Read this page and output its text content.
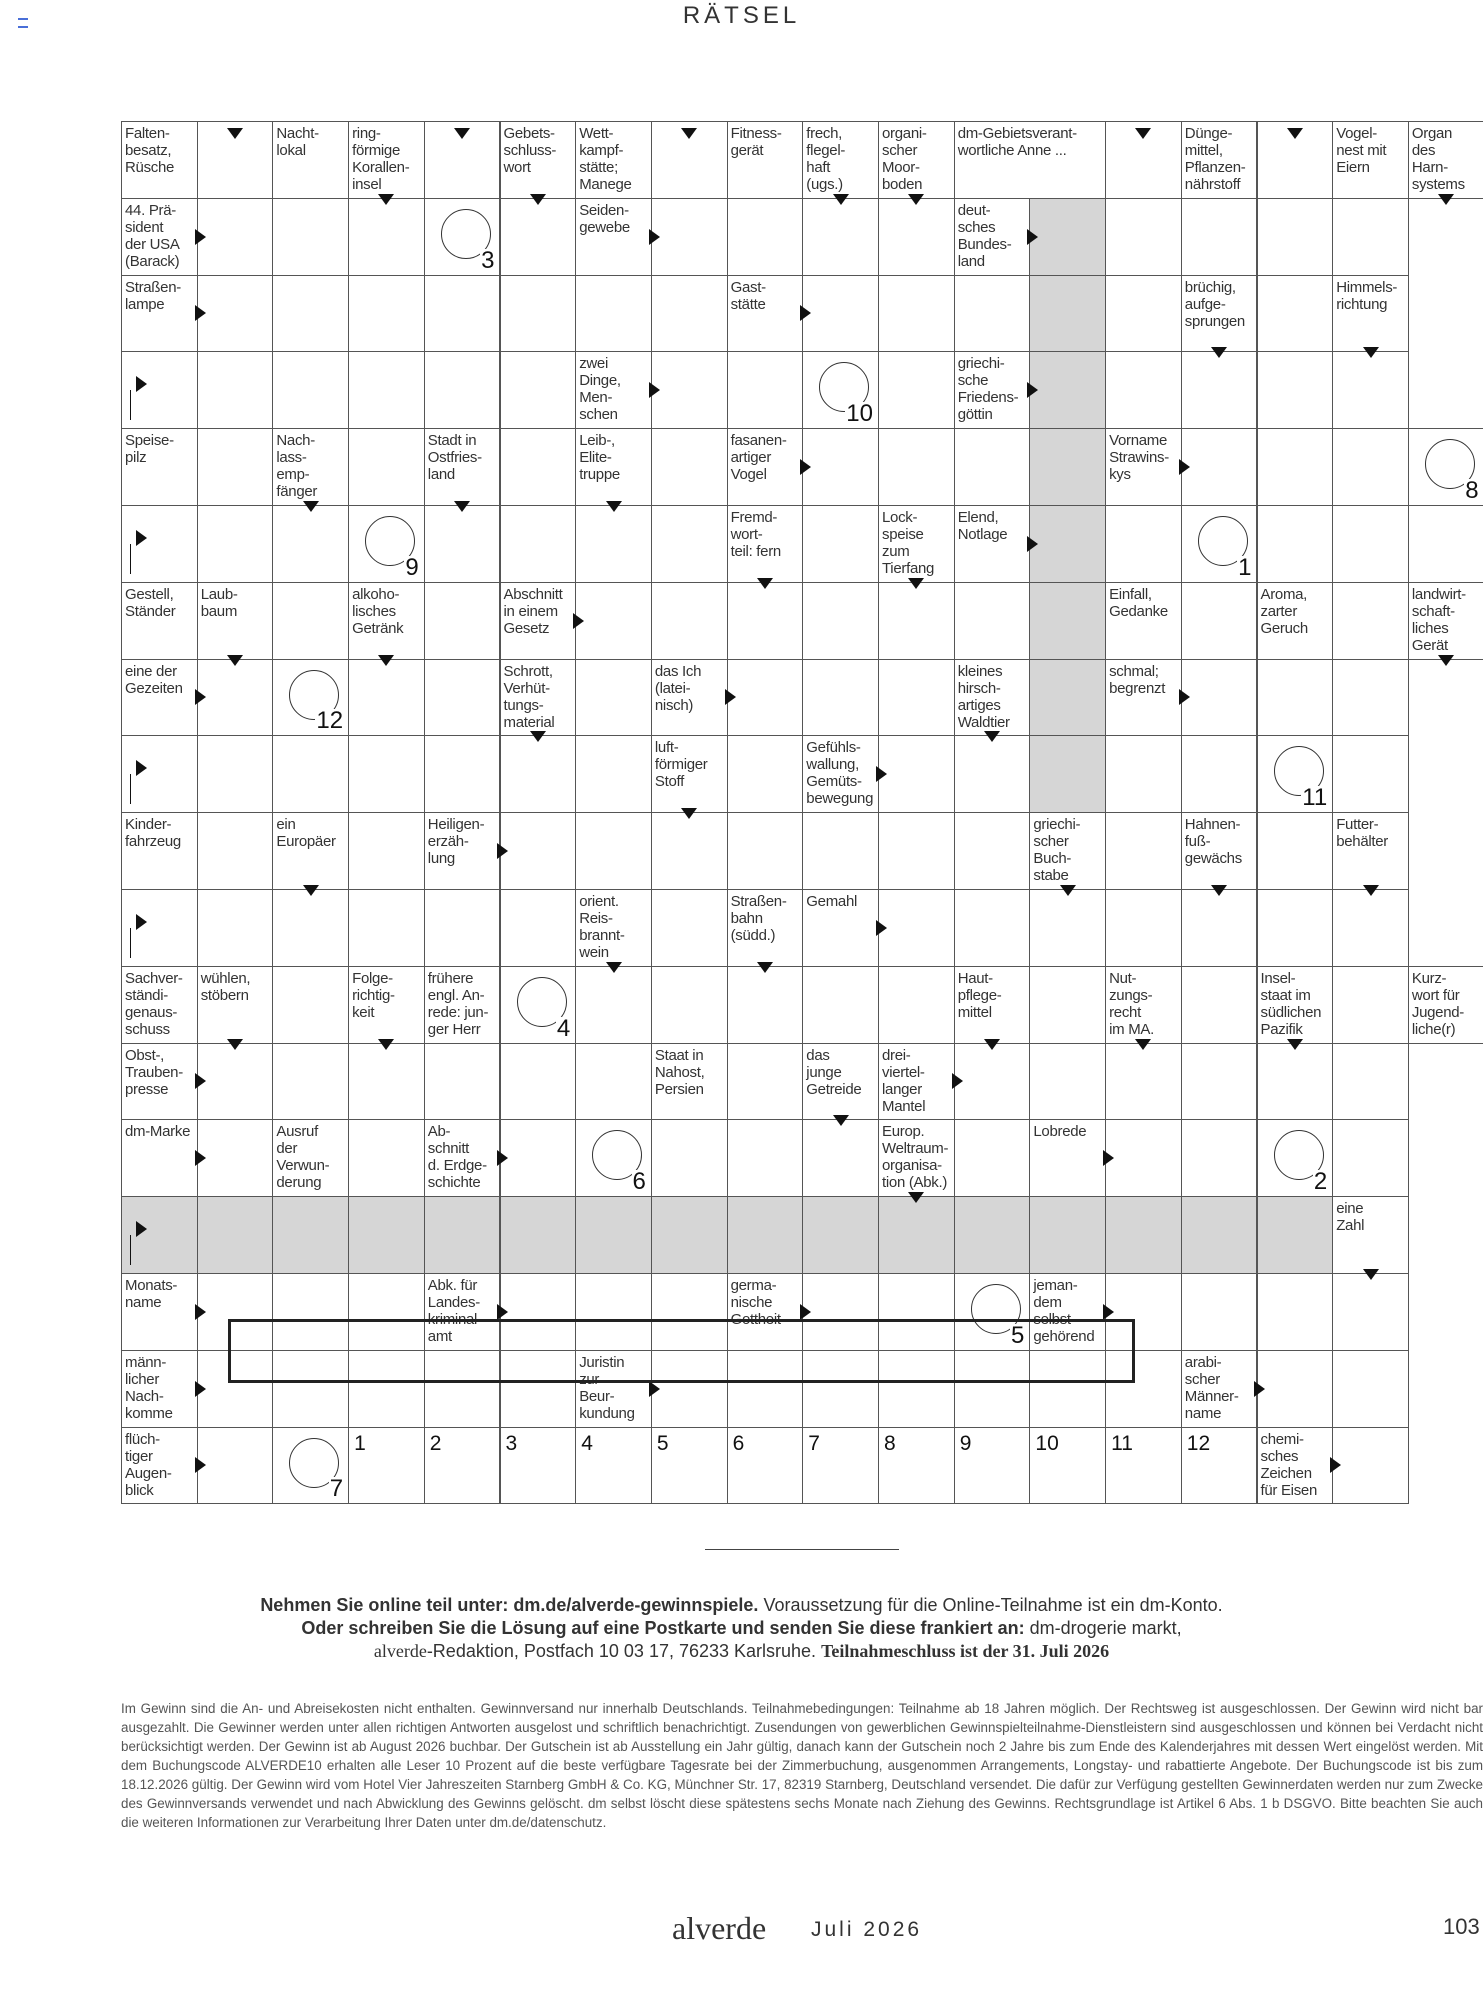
RÄTSEL
Falten-
besatz,
Rüsche
Nacht-
lokal
ring-
förmige
Korallen-
insel
Gebets-
schluss-
wort
Wett-
kampf-
stätte;
Manege
Fitness-
gerät
frech,
flegel-
haft
(ugs.)
organi-
scher
Moor-
boden
dm-Gebietsverant-
wortliche Anne ...
Dünge-
mittel,
Pflanzen-
nährstoff
Vogel-
nest mit
Eiern
Organ
des
Harn-
systems
44. Prä-
sident
der USA
(Barack)
Seiden-
gewebe
deut-
sches
Bundes-
land
Straßen-
lampe
Gast-
stätte
brüchig,
aufge-
sprungen
Himmels-
richtung
zwei
Dinge,
Men-
schen
griechi-
sche
Friedens-
göttin
Speise-
pilz
Nach-
lass-
emp-
fänger
Stadt in
Ostfries-
land
Leib-,
Elite-
truppe
fasanen-
artiger
Vogel
Vorname
Strawins-
kys
Fremd-
wort-
teil: fern
Lock-
speise
zum
Tierfang
Elend,
Notlage
Gestell,
Ständer
Laub-
baum
alkoho-
lisches
Getränk
Abschnitt
in einem
Gesetz
Einfall,
Gedanke
Aroma,
zarter
Geruch
landwirt-
schaft-
liches
Gerät
eine der
Gezeiten
Schrott,
Verhüt-
tungs-
material
das Ich
(latei-
nisch)
kleines
hirsch-
artiges
Waldtier
schmal;
begrenzt
luft-
förmiger
Stoff
Gefühls-
wallung,
Gemüts-
bewegung
Kinder-
fahrzeug
ein
Europäer
Heiligen-
erzäh-
lung
griechi-
scher
Buch-
stabe
Hahnen-
fuß-
gewächs
Futter-
behälter
orient.
Reis-
brannt-
wein
Straßen-
bahn
(südd.)
Gemahl
Sachver-
ständi-
genaus-
schuss
wühlen,
stöbern
Folge-
richtig-
keit
frühere
engl. An-
rede: jun-
ger Herr
Haut-
pflege-
mittel
Nut-
zungs-
recht
im MA.
Insel-
staat im
südlichen
Pazifik
Kurz-
wort für
Jugend-
liche(r)
Obst-,
Trauben-
presse
Staat in
Nahost,
Persien
das
junge
Getreide
drei-
viertel-
langer
Mantel
dm-Marke	Ausruf
der
Verwun-
derung
Ab-
schnitt
d. Erdge-
schichte
Europ.
Weltraum-
organisa-
tion (Abk.)
Lobrede
eine
Zahl
Monats-
name
Abk. für
Landes-
kriminal-
amt
germa-
nische
Gottheit
jeman-
dem
selbst
gehörend
männ-
licher
Nach-
komme
Juristin
zur
Beur-
kundung
arabi-
scher
Männer-
name
flüch-
tiger
Augen-
blick
chemi-
sches
Zeichen
für Eisen
3
10
8
9	1
12
11
4
6	2
5
7
1	2	3	4	5	6	7	8	9	10 11	12
Nehmen Sie online teil unter: dm.de/alverde-gewinnspiele. Voraussetzung für die Online-Teilnahme ist ein dm-Konto.
Oder schreiben Sie die Lösung auf eine Postkarte und senden Sie diese frankiert an: dm-drogerie markt,
alverde-Redaktion, Postfach 10 03 17, 76233 Karlsruhe. Teilnahmeschluss ist der 31. Juli 2026
Im Gewinn sind die An- und Abreisekosten nicht enthalten. Gewinnversand nur innerhalb Deutschlands. Teilnahmebedingungen: Teilnahme ab 18 Jahren möglich. Der Rechtsweg ist ausgeschlossen. Der Gewinn wird nicht bar ausgezahlt. Die Gewinner werden unter allen richtigen Antworten ausgelost und schriftlich benachrichtigt. Zusendungen von gewerblichen Gewinnspielteilnahme-Dienstleistern sind ausgeschlossen und können bei Verdacht nicht berücksichtigt werden. Der Gewinn ist ab August 2026 buchbar. Der Gutschein ist ab Ausstellung ein Jahr gültig, danach kann der Gutschein noch 2 Jahre bis zum Ende des Kalenderjahres mit dessen Wert eingelöst werden. Mit dem Buchungscode ALVERDE10 erhalten alle Leser 10 Prozent auf die beste verfügbare Tagesrate bei der Zimmerbuchung, ausgenommen Arrangements, Longstay- und rabattierte Angebote. Der Buchungscode ist bis zum 18.12.2026 gültig. Der Gewinn wird vom Hotel Vier Jahreszeiten Starnberg GmbH & Co. KG, Münchner Str. 17, 82319 Starnberg, Deutschland versendet. Die dafür zur Verfügung gestellten Gewinnerdaten werden nur zum Zwecke des Gewinnversands verwendet und nach Abwicklung des Gewinns gelöscht. dm selbst löscht diese spätestens sechs Monate nach Ziehung des Gewinns. Rechtsgrundlage ist Artikel 6 Abs. 1 b DSGVO. Bitte beachten Sie auch die weiteren Informationen zur Verarbeitung Ihrer Daten unter dm.de/datenschutz.
alverde Juli 2026	103
